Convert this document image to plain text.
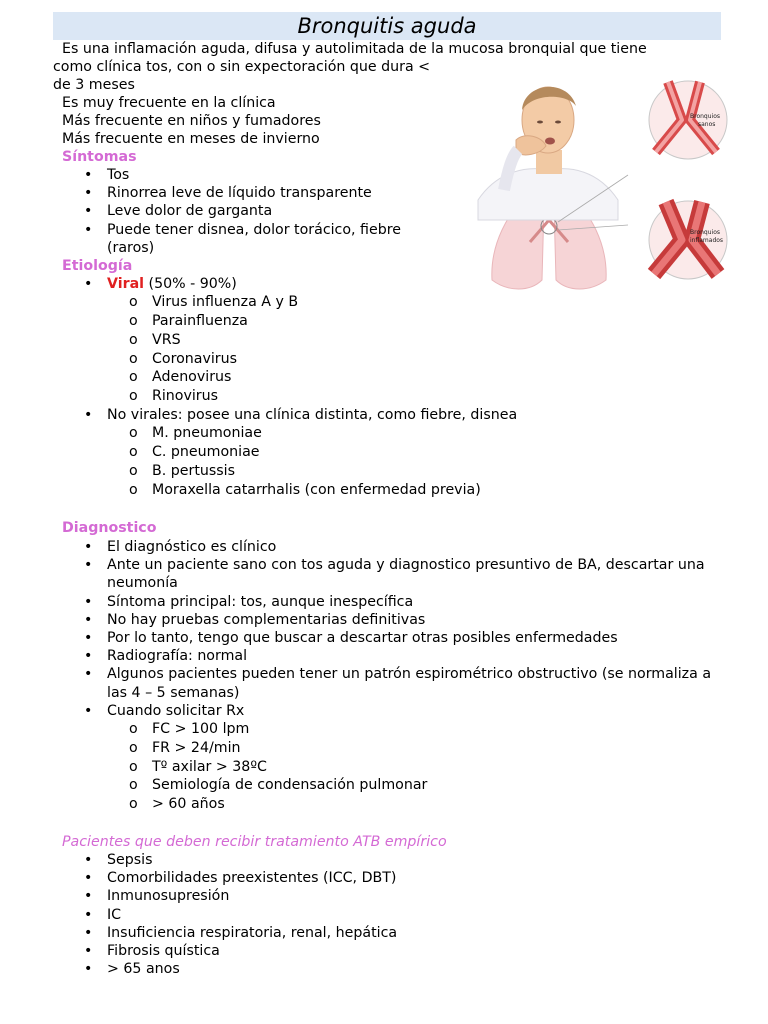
Bronquitis aguda

Es una inflamación aguda, difusa y autolimitada de la mucosa bronquial que tiene

como clínica tos, con o sin expectoración que dura <

de 3 meses

Es muy frecuente en la clínica

Más frecuente en niños y fumadores

Más frecuente en meses de invierno

Bronquios
sanos
Bronquios
inflamados
Síntomas
• Tos
• Rinorrea leve de líquido transparente
• Leve dolor de garganta
• Puede tener disnea, dolor torácico, fiebre (raros)
Etiología
• Viral (50% - 90%)
o Virus influenza A y B
o Parainfluenza
o VRS
o Coronavirus
o Adenovirus
o Rinovirus
• No virales: posee una clínica distinta, como fiebre, disnea
o M. pneumoniae
o C. pneumoniae
o B. pertussis
o Moraxella catarrhalis (con enfermedad previa)
Diagnostico
• El diagnóstico es clínico
• Ante un paciente sano con tos aguda y diagnostico presuntivo de BA, descartar una neumonía
• Síntoma principal: tos, aunque inespecífica
• No hay pruebas complementarias definitivas
• Por lo tanto, tengo que buscar a descartar otras posibles enfermedades
• Radiografía: normal
• Algunos pacientes pueden tener un patrón espirométrico obstructivo (se normaliza a las 4 – 5 semanas)
• Cuando solicitar Rx
o FC > 100 lpm
o FR > 24/min
o Tº axilar > 38ºC
o Semiología de condensación pulmonar
o > 60 años
Pacientes que deben recibir tratamiento ATB empírico
• Sepsis
• Comorbilidades preexistentes (ICC, DBT)
• Inmunosupresión
• IC
• Insuficiencia respiratoria, renal, hepática
• Fibrosis quística
• > 65 anos
